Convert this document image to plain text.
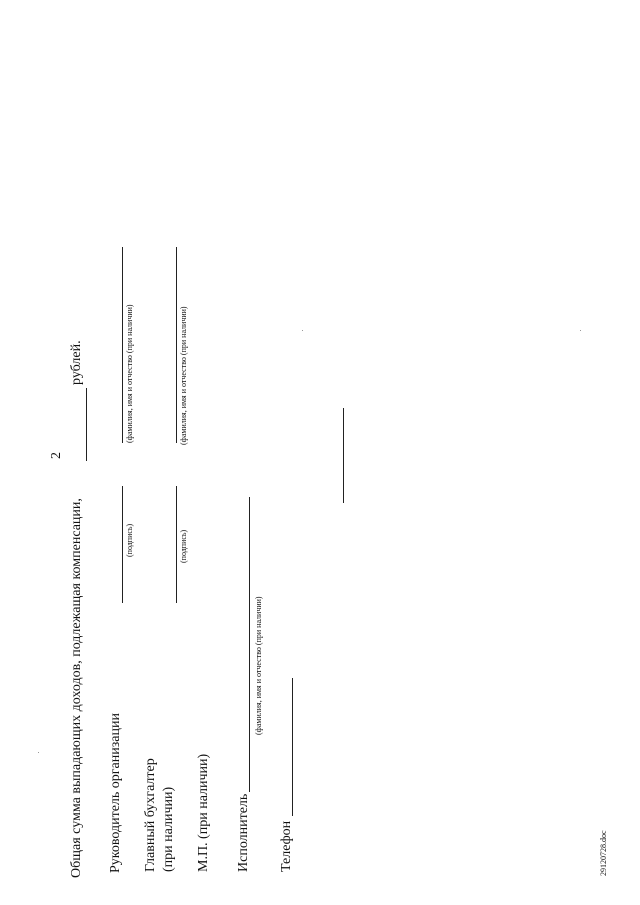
2
Общая сумма выпадающих доходов, подлежащая компенсации,
рублей.
Руководитель организации
(подпись)
(фамилия, имя и отчество (при наличии)
Главный бухгалтер (при наличии)
(подпись)
(фамилия, имя и отчество (при наличии)
М.П. (при наличии) Исполнитель
(фамилия, имя и отчество (при наличии)
Телефон	29120728.doc
